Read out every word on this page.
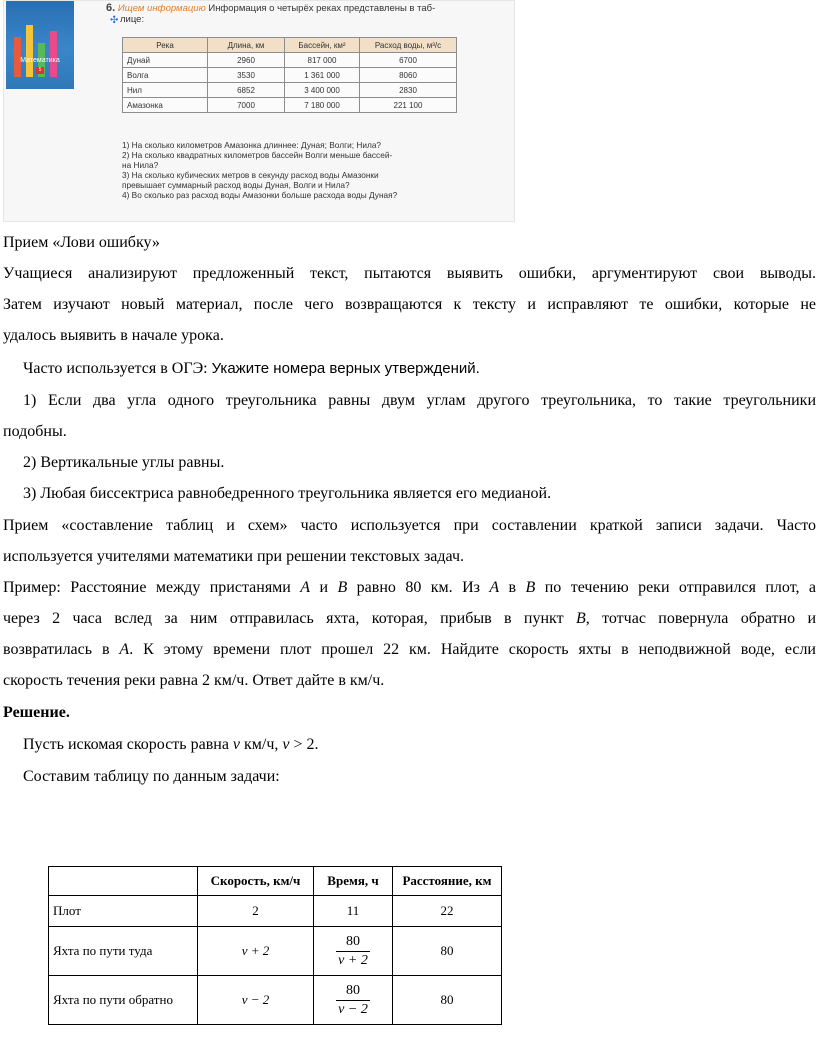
Математика
5
6. Ищем информацию Информация о четырёх реках представлены в таб-
лице:
✣
Река	Длина, км	Бассейн, км²	Расход воды, м³/с
Дунай	2960	817 000	6700
Волга	3530	1 361 000	8060
Нил	6852	3 400 000	2830
Амазонка	7000	7 180 000	221 100

1) На сколько километров Амазонка длиннее: Дуная; Волги; Нила?

2) На сколько квадратных километров бассейн Волги меньше бассей-

на Нила?

3) На сколько кубических метров в секунду расход воды Амазонки

превышает суммарный расход воды Дуная, Волги и Нила?

4) Во сколько раз расход воды Амазонки больше расхода воды Дуная?

Прием «Лови ошибку»
Учащиеся анализируют предложенный текст, пытаются выявить ошибки, аргументируют свои выводы.
Затем изучают новый материал, после чего возвращаются к тексту и исправляют те ошибки, которые не
удалось выявить в начале урока.
Часто используется в ОГЭ: Укажите номера верных утверждений.
1) Если два угла одного треугольника равны двум углам другого треугольника, то такие треугольники
подобны.
2) Вертикальные углы равны.
3) Любая биссектриса равнобедренного треугольника является его медианой.
Прием «составление таблиц и схем» часто используется при составлении краткой записи задачи. Часто
используется учителями математики при решении текстовых задач.
Пример: Расстояние между пристанями A и B равно 80 км. Из A в B по течению реки отправился плот, а
через 2 часа вслед за ним отправилась яхта, которая, прибыв в пункт B, тотчас повернула обратно и
возвратилась в A. К этому времени плот прошел 22 км. Найдите скорость яхты в неподвижной воде, если
скорость течения реки равна 2 км/ч. Ответ дайте в км/ч.
Решение.
Пусть искомая скорость равна v км/ч, v > 2.
Составим таблицу по данным задачи:
	Скорость, км/ч	Время, ч	Расстояние, км
Плот	2	11	22
Яхта по пути туда	v + 2	$\frac{80}{v + 2}$	80
Яхта по пути обратно	v − 2	$\frac{80}{v - 2}$	80
